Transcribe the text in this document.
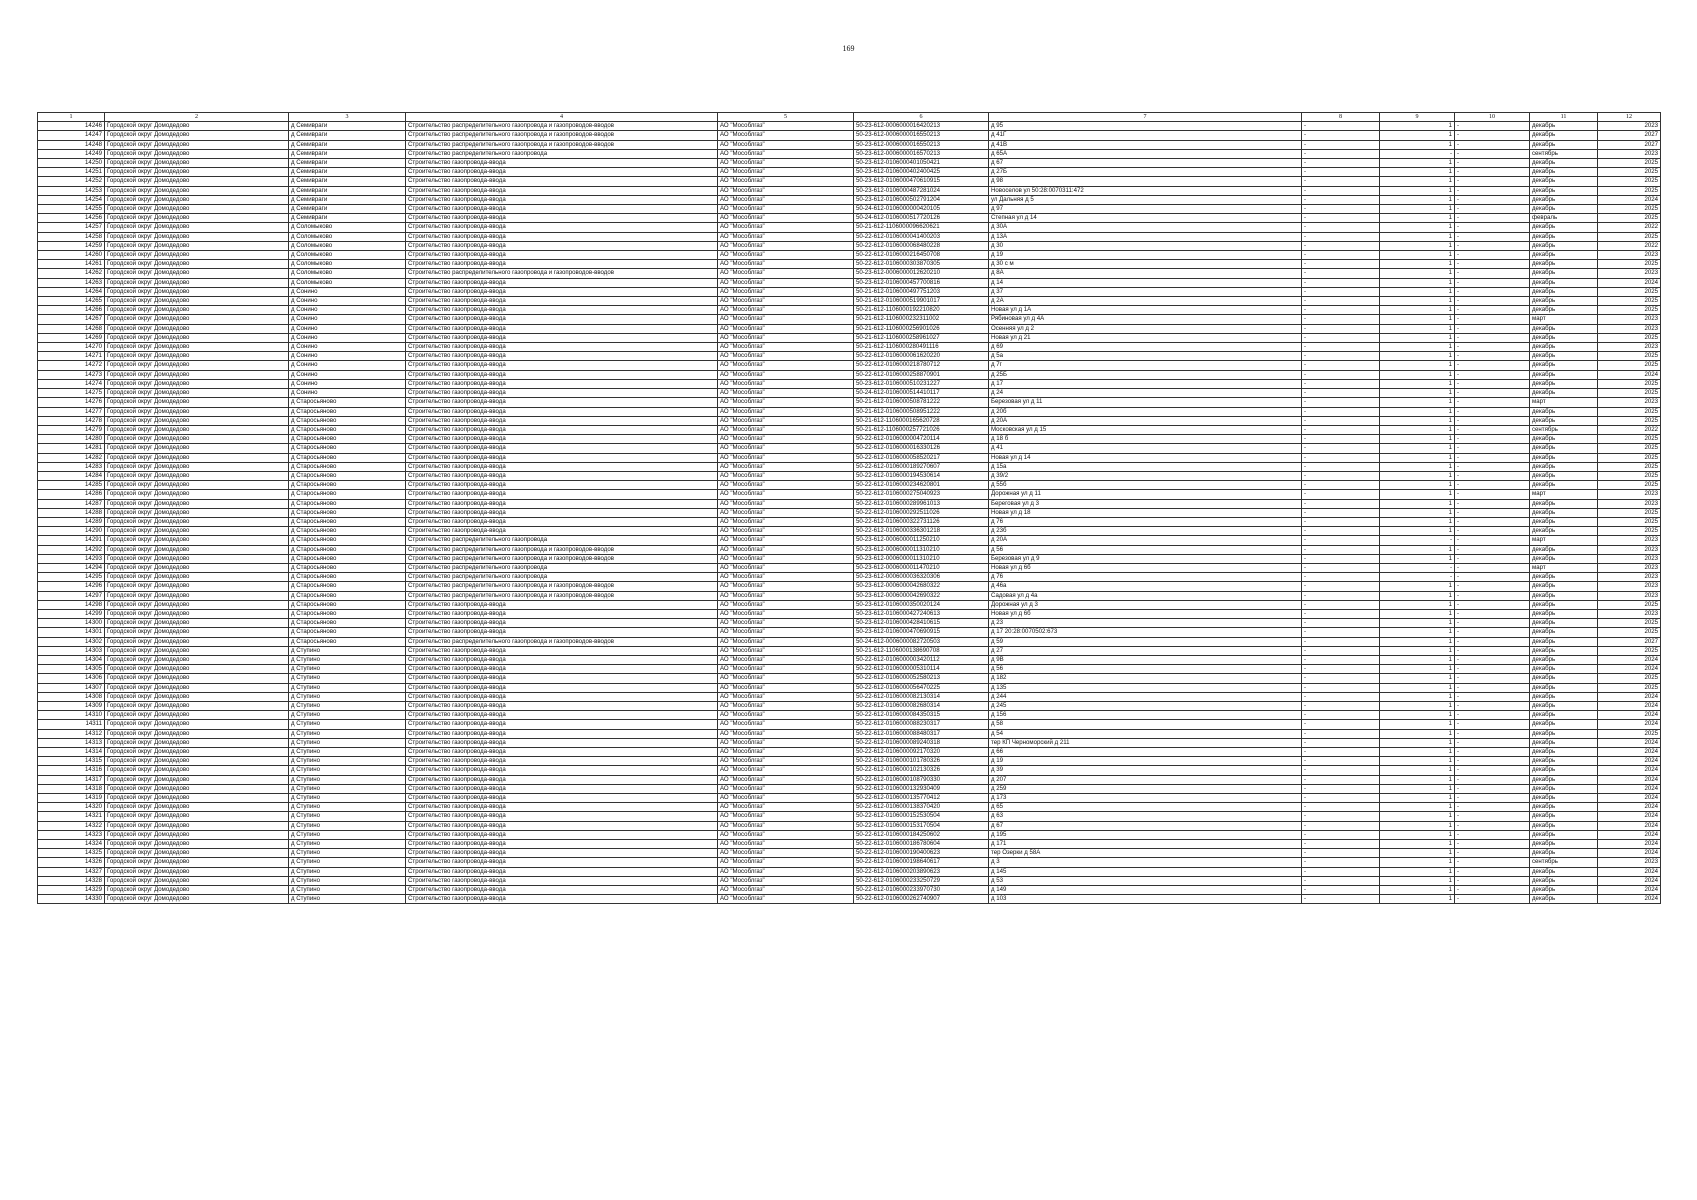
169
1	2	3	4	5	6	7	8	9	10	11	12
14246	Городской округ Домодедово	д Семивраги	Строительство распределительного газопровода и газопроводов-вводов	АО "Мособлгаз"	50-23-612-0006000016420213	д 95	-	1	-	декабрь	2023
14247	Городской округ Домодедово	д Семивраги	Строительство распределительного газопровода и газопроводов-вводов	АО "Мособлгаз"	50-23-612-0006000016550213	д 41Г	-	1	-	декабрь	2027
14248	Городской округ Домодедово	д Семивраги	Строительство распределительного газопровода и газопроводов-вводов	АО "Мособлгаз"	50-23-612-0006000016550213	д 41В	-	1	-	декабрь	2027
14249	Городской округ Домодедово	д Семивраги	Строительство распределительного газопровода	АО "Мособлгаз"	50-23-612-0006000016570213	д 65А	-	-	-	сентябрь	2023
14250	Городской округ Домодедово	д Семивраги	Строительство газопровода-ввода	АО "Мособлгаз"	50-23-612-0106000401050421	д 67	-	1	-	декабрь	2025
14251	Городской округ Домодедово	д Семивраги	Строительство газопровода-ввода	АО "Мособлгаз"	50-23-612-0106000402400425	д 27Б	-	1	-	декабрь	2025
14252	Городской округ Домодедово	д Семивраги	Строительство газопровода-ввода	АО "Мособлгаз"	50-23-612-0106000470610915	д 98	-	1	-	декабрь	2025
14253	Городской округ Домодедово	д Семивраги	Строительство газопровода-ввода	АО "Мособлгаз"	50-23-612-0106000487281024	Новоселов ул 50:28:0070311:472	-	1	-	декабрь	2025
14254	Городской округ Домодедово	д Семивраги	Строительство газопровода-ввода	АО "Мособлгаз"	50-23-612-0106000502791204	ул Дальняя д 5	-	1	-	декабрь	2024
14255	Городской округ Домодедово	д Семивраги	Строительство газопровода-ввода	АО "Мособлгаз"	50-24-612-0106000000420105	д 97	-	1	-	декабрь	2025
14256	Городской округ Домодедово	д Семивраги	Строительство газопровода-ввода	АО "Мособлгаз"	50-24-612-0106000517720126	Степная ул д 14	-	1	-	февраль	2025
14257	Городской округ Домодедово	д Соломыково	Строительство газопровода-ввода	АО "Мособлгаз"	50-21-612-1106000096620621	д 30А	-	1	-	декабрь	2022
14258	Городской округ Домодедово	д Соломыково	Строительство газопровода-ввода	АО "Мособлгаз"	50-22-612-0106000041400203	д 13А	-	1	-	декабрь	2025
14259	Городской округ Домодедово	д Соломыково	Строительство газопровода-ввода	АО "Мособлгаз"	50-22-612-0106000068480228	д 30	-	1	-	декабрь	2022
14260	Городской округ Домодедово	д Соломыково	Строительство газопровода-ввода	АО "Мособлгаз"	50-22-612-0106000216450708	д 19	-	1	-	декабрь	2023
14261	Городской округ Домодедово	д Соломыково	Строительство газопровода-ввода	АО "Мособлгаз"	50-22-612-0106000303870305	д 30 с м	-	1	-	декабрь	2025
14262	Городской округ Домодедово	д Соломыково	Строительство распределительного газопровода и газопроводов-вводов	АО "Мособлгаз"	50-23-612-0006000012620210	д 8А	-	1	-	декабрь	2023
14263	Городской округ Домодедово	д Соломыково	Строительство газопровода-ввода	АО "Мособлгаз"	50-23-612-0106000457700816	д 14	-	1	-	декабрь	2024
14264	Городской округ Домодедово	д Сонино	Строительство газопровода-ввода	АО "Мособлгаз"	50-21-612-0106000497751203	д 37	-	1	-	декабрь	2025
14265	Городской округ Домодедово	д Сонино	Строительство газопровода-ввода	АО "Мособлгаз"	50-21-612-0106000519901017	д 2А	-	1	-	декабрь	2025
14266	Городской округ Домодедово	д Сонино	Строительство газопровода-ввода	АО "Мособлгаз"	50-21-612-1106000192210820	Новая ул д 1А	-	1	-	декабрь	2025
14267	Городской округ Домодедово	д Сонино	Строительство газопровода-ввода	АО "Мособлгаз"	50-21-612-1106000232311002	Рябиновая ул д 4А	-	1	-	март	2023
14268	Городской округ Домодедово	д Сонино	Строительство газопровода-ввода	АО "Мособлгаз"	50-21-612-1106000256901026	Осенняя ул д 2	-	1	-	декабрь	2023
14269	Городской округ Домодедово	д Сонино	Строительство газопровода-ввода	АО "Мособлгаз"	50-21-612-1106000258961027	Новая ул д 21	-	1	-	декабрь	2025
14270	Городской округ Домодедово	д Сонино	Строительство газопровода-ввода	АО "Мособлгаз"	50-21-612-1106000280491116	д 69	-	1	-	декабрь	2023
14271	Городской округ Домодедово	д Сонино	Строительство газопровода-ввода	АО "Мособлгаз"	50-22-612-0106000061620220	д 5а	-	1	-	декабрь	2025
14272	Городской округ Домодедово	д Сонино	Строительство газопровода-ввода	АО "Мособлгаз"	50-22-612-0106000218780712	д 7г	-	1	-	декабрь	2025
14273	Городской округ Домодедово	д Сонино	Строительство газопровода-ввода	АО "Мособлгаз"	50-22-612-0106000258870901	д 25Б	-	1	-	декабрь	2024
14274	Городской округ Домодедово	д Сонино	Строительство газопровода-ввода	АО "Мособлгаз"	50-23-612-0106000510231227	д 17	-	1	-	декабрь	2025
14275	Городской округ Домодедово	д Сонино	Строительство газопровода-ввода	АО "Мособлгаз"	50-24-612-0106000514410117	д 24	-	1	-	декабрь	2025
14276	Городской округ Домодедово	д Старосьяново	Строительство газопровода-ввода	АО "Мособлгаз"	50-21-612-0106000508781222	Березовая ул д 11	-	1	-	март	2023
14277	Городской округ Домодедово	д Старосьяново	Строительство газопровода-ввода	АО "Мособлгаз"	50-21-612-0106000508951222	д 20б	-	1	-	декабрь	2025
14278	Городской округ Домодедово	д Старосьяново	Строительство газопровода-ввода	АО "Мособлгаз"	50-21-612-1106000165620728	д 20А	-	1	-	декабрь	2025
14279	Городской округ Домодедово	д Старосьяново	Строительство газопровода-ввода	АО "Мособлгаз"	50-21-612-1106000257721026	Московская ул д 15	-	1	-	сентябрь	2022
14280	Городской округ Домодедово	д Старосьяново	Строительство газопровода-ввода	АО "Мособлгаз"	50-22-612-0106000004720114	д 18 б	-	1	-	декабрь	2025
14281	Городской округ Домодедово	д Старосьяново	Строительство газопровода-ввода	АО "Мособлгаз"	50-22-612-0106000016330126	д 41	-	1	-	декабрь	2025
14282	Городской округ Домодедово	д Старосьяново	Строительство газопровода-ввода	АО "Мособлгаз"	50-22-612-0106000058520217	Новая ул д 14	-	1	-	декабрь	2025
14283	Городской округ Домодедово	д Старосьяново	Строительство газопровода-ввода	АО "Мособлгаз"	50-22-612-0106000189270607	д 15а	-	1	-	декабрь	2025
14284	Городской округ Домодедово	д Старосьяново	Строительство газопровода-ввода	АО "Мособлгаз"	50-22-612-0106000194530614	д 39/2	-	1	-	декабрь	2025
14285	Городской округ Домодедово	д Старосьяново	Строительство газопровода-ввода	АО "Мособлгаз"	50-22-612-0106000234620801	д 55б	-	1	-	декабрь	2025
14286	Городской округ Домодедово	д Старосьяново	Строительство газопровода-ввода	АО "Мособлгаз"	50-22-612-0106000275040923	Дорожная ул д 11	-	1	-	март	2023
14287	Городской округ Домодедово	д Старосьяново	Строительство газопровода-ввода	АО "Мособлгаз"	50-22-612-0106000289961013	Береговая ул д 3	-	1	-	декабрь	2023
14288	Городской округ Домодедово	д Старосьяново	Строительство газопровода-ввода	АО "Мособлгаз"	50-22-612-0106000292511026	Новая ул д 18	-	1	-	декабрь	2025
14289	Городской округ Домодедово	д Старосьяново	Строительство газопровода-ввода	АО "Мособлгаз"	50-22-612-0106000322731126	д 76	-	1	-	декабрь	2025
14290	Городской округ Домодедово	д Старосьяново	Строительство газопровода-ввода	АО "Мособлгаз"	50-22-612-0106000336301218	д 23б	-	1	-	декабрь	2025
14291	Городской округ Домодедово	д Старосьяново	Строительство распределительного газопровода	АО "Мособлгаз"	50-23-612-0006000011250210	д 20А	-	-	-	март	2023
14292	Городской округ Домодедово	д Старосьяново	Строительство распределительного газопровода и газопроводов-вводов	АО "Мособлгаз"	50-23-612-0006000011310210	д 56	-	1	-	декабрь	2023
14293	Городской округ Домодедово	д Старосьяново	Строительство распределительного газопровода и газопроводов-вводов	АО "Мособлгаз"	50-23-612-0006000011310210	Березовая ул д 9	-	1	-	декабрь	2023
14294	Городской округ Домодедово	д Старосьяново	Строительство распределительного газопровода	АО "Мособлгаз"	50-23-612-0006000011470210	Новая ул д 6б	-	-	-	март	2023
14295	Городской округ Домодедово	д Старосьяново	Строительство распределительного газопровода	АО "Мособлгаз"	50-23-612-0006000036320306	д 76	-	-	-	декабрь	2023
14296	Городской округ Домодедово	д Старосьяново	Строительство распределительного газопровода и газопроводов-вводов	АО "Мособлгаз"	50-23-612-0006000042680322	д 46а	-	1	-	декабрь	2023
14297	Городской округ Домодедово	д Старосьяново	Строительство распределительного газопровода и газопроводов-вводов	АО "Мособлгаз"	50-23-612-0006000042690322	Садовая ул д 4а	-	1	-	декабрь	2023
14298	Городской округ Домодедово	д Старосьяново	Строительство газопровода-ввода	АО "Мособлгаз"	50-23-612-0106000350020124	Дорожная ул д 3	-	1	-	декабрь	2025
14299	Городской округ Домодедово	д Старосьяново	Строительство газопровода-ввода	АО "Мособлгаз"	50-23-612-0106000427240613	Новая ул д 6б	-	1	-	декабрь	2023
14300	Городской округ Домодедово	д Старосьяново	Строительство газопровода-ввода	АО "Мособлгаз"	50-23-612-0106000428410615	д 23	-	1	-	декабрь	2025
14301	Городской округ Домодедово	д Старосьяново	Строительство газопровода-ввода	АО "Мособлгаз"	50-23-612-0106000470690915	д 17 20:28:0070502:673	-	1	-	декабрь	2025
14302	Городской округ Домодедово	д Старосьяново	Строительство распределительного газопровода и газопроводов-вводов	АО "Мособлгаз"	50-24-612-0006000082720503	д 59	-	1	-	декабрь	2027
14303	Городской округ Домодедово	д Ступино	Строительство газопровода-ввода	АО "Мособлгаз"	50-21-612-1106000138690708	д 27	-	1	-	декабрь	2025
14304	Городской округ Домодедово	д Ступино	Строительство газопровода-ввода	АО "Мособлгаз"	50-22-612-0106000003420112	д 9В	-	1	-	декабрь	2024
14305	Городской округ Домодедово	д Ступино	Строительство газопровода-ввода	АО "Мособлгаз"	50-22-612-0106000005310114	д 56	-	1	-	декабрь	2024
14306	Городской округ Домодедово	д Ступино	Строительство газопровода-ввода	АО "Мособлгаз"	50-22-612-0106000052580213	д 182	-	1	-	декабрь	2025
14307	Городской округ Домодедово	д Ступино	Строительство газопровода-ввода	АО "Мособлгаз"	50-22-612-0106000056470225	д 135	-	1	-	декабрь	2025
14308	Городской округ Домодедово	д Ступино	Строительство газопровода-ввода	АО "Мособлгаз"	50-22-612-0106000082130314	д 244	-	1	-	декабрь	2024
14309	Городской округ Домодедово	д Ступино	Строительство газопровода-ввода	АО "Мособлгаз"	50-22-612-0106000082680314	д 245	-	1	-	декабрь	2024
14310	Городской округ Домодедово	д Ступино	Строительство газопровода-ввода	АО "Мособлгаз"	50-22-612-0106000084350315	д 156	-	1	-	декабрь	2024
14311	Городской округ Домодедово	д Ступино	Строительство газопровода-ввода	АО "Мособлгаз"	50-22-612-0106000088230317	д 58	-	1	-	декабрь	2024
14312	Городской округ Домодедово	д Ступино	Строительство газопровода-ввода	АО "Мособлгаз"	50-22-612-0106000088480317	д 54	-	1	-	декабрь	2025
14313	Городской округ Домодедово	д Ступино	Строительство газопровода-ввода	АО "Мособлгаз"	50-22-612-0106000089240318	тер КП Черноморский д 211	-	1	-	декабрь	2024
14314	Городской округ Домодедово	д Ступино	Строительство газопровода-ввода	АО "Мособлгаз"	50-22-612-0106000092170320	д 66	-	1	-	декабрь	2024
14315	Городской округ Домодедово	д Ступино	Строительство газопровода-ввода	АО "Мособлгаз"	50-22-612-0106000101780326	д 19	-	1	-	декабрь	2024
14316	Городской округ Домодедово	д Ступино	Строительство газопровода-ввода	АО "Мособлгаз"	50-22-612-0106000102130326	д 39	-	1	-	декабрь	2024
14317	Городской округ Домодедово	д Ступино	Строительство газопровода-ввода	АО "Мособлгаз"	50-22-612-0106000108790330	д 207	-	1	-	декабрь	2024
14318	Городской округ Домодедово	д Ступино	Строительство газопровода-ввода	АО "Мособлгаз"	50-22-612-0106000132930409	д 259	-	1	-	декабрь	2024
14319	Городской округ Домодедово	д Ступино	Строительство газопровода-ввода	АО "Мособлгаз"	50-22-612-0106000135770412	д 173	-	1	-	декабрь	2024
14320	Городской округ Домодедово	д Ступино	Строительство газопровода-ввода	АО "Мособлгаз"	50-22-612-0106000138370420	д 65	-	1	-	декабрь	2024
14321	Городской округ Домодедово	д Ступино	Строительство газопровода-ввода	АО "Мособлгаз"	50-22-612-0106000152530504	д 63	-	1	-	декабрь	2024
14322	Городской округ Домодедово	д Ступино	Строительство газопровода-ввода	АО "Мособлгаз"	50-22-612-0106000153170504	д 67	-	1	-	декабрь	2024
14323	Городской округ Домодедово	д Ступино	Строительство газопровода-ввода	АО "Мособлгаз"	50-22-612-0106000184250602	д 195	-	1	-	декабрь	2024
14324	Городской округ Домодедово	д Ступино	Строительство газопровода-ввода	АО "Мособлгаз"	50-22-612-0106000186780604	д 171	-	1	-	декабрь	2024
14325	Городской округ Домодедово	д Ступино	Строительство газопровода-ввода	АО "Мособлгаз"	50-22-612-0106000190400623	тер Озерки д 58А	-	1	-	декабрь	2024
14326	Городской округ Домодедово	д Ступино	Строительство газопровода-ввода	АО "Мособлгаз"	50-22-612-0106000198640617	д 3	-	1	-	сентябрь	2023
14327	Городской округ Домодедово	д Ступино	Строительство газопровода-ввода	АО "Мособлгаз"	50-22-612-0106000203890623	д 145	-	1	-	декабрь	2024
14328	Городской округ Домодедово	д Ступино	Строительство газопровода-ввода	АО "Мособлгаз"	50-22-612-0106000233250729	д 53	-	1	-	декабрь	2024
14329	Городской округ Домодедово	д Ступино	Строительство газопровода-ввода	АО "Мособлгаз"	50-22-612-0106000233970730	д 149	-	1	-	декабрь	2024
14330	Городской округ Домодедово	д Ступино	Строительство газопровода-ввода	АО "Мособлгаз"	50-22-612-0106000262740907	д 103	-	1	-	декабрь	2024
